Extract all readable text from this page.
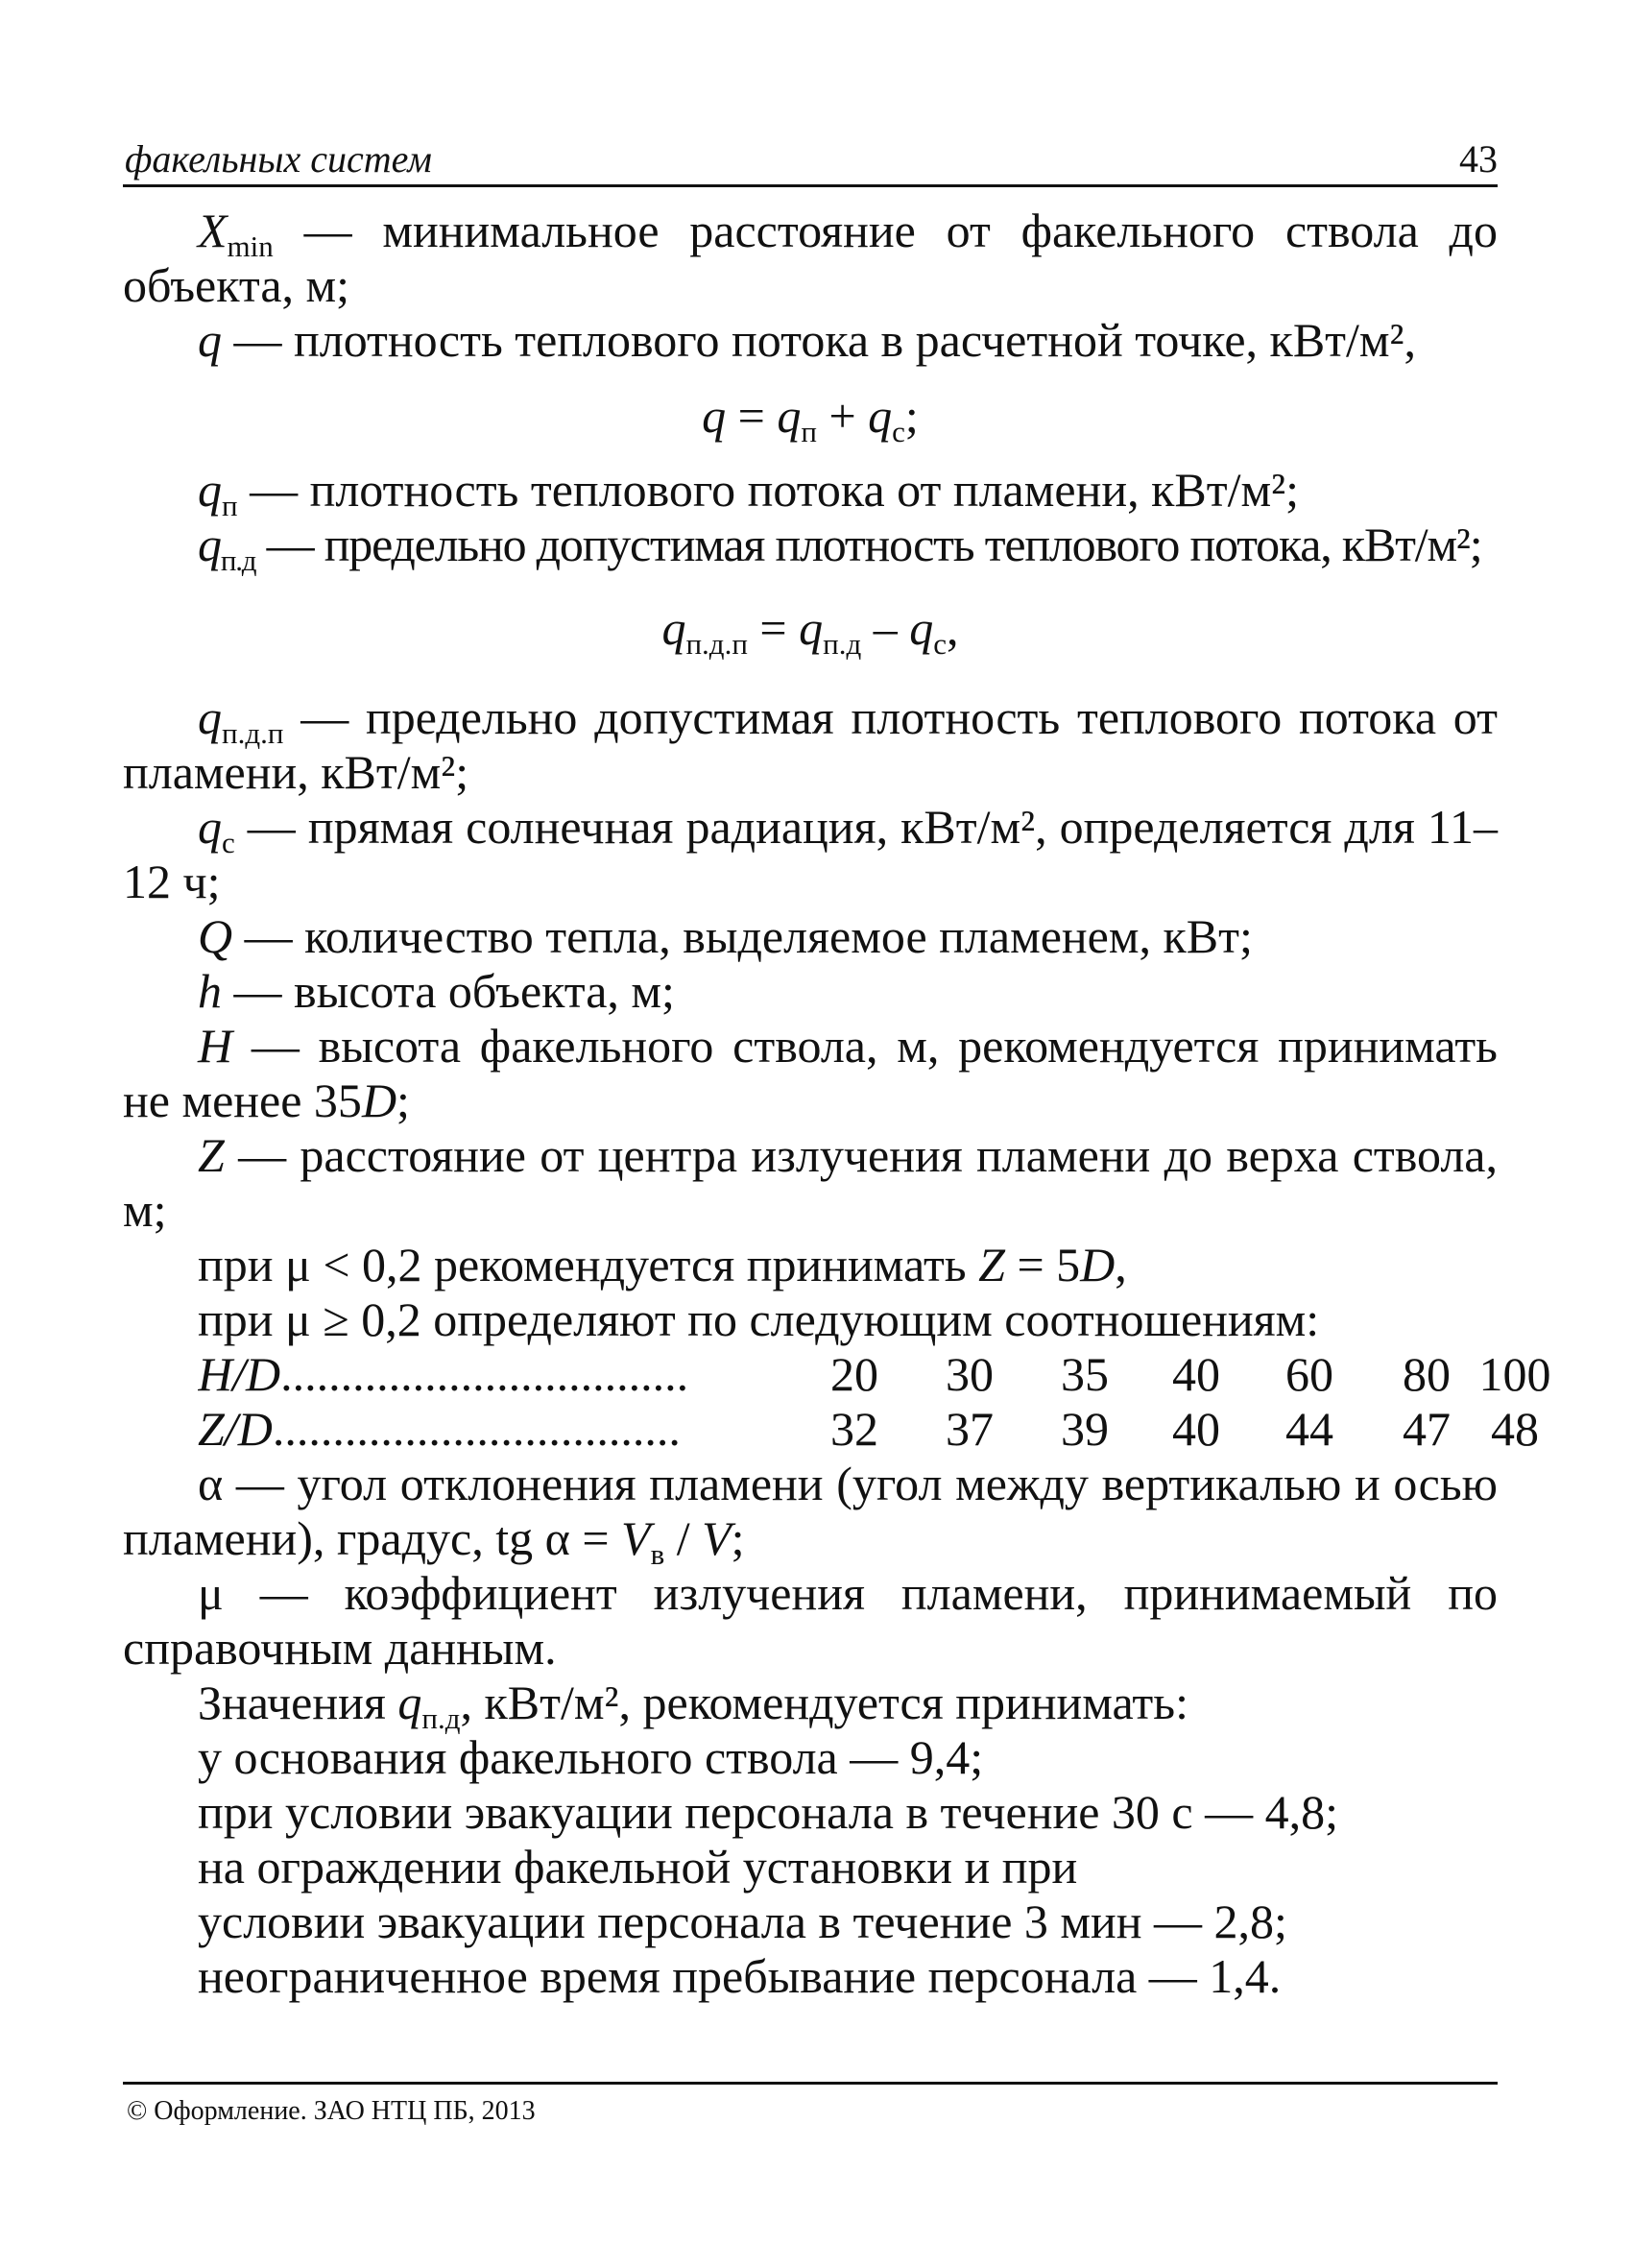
факельных систем	43

$X_{min}$ — минимальное расстояние от факельного ствола до объекта, м;

q — плотность теплового потока в расчетной точке, кВт/м²,

$q = q_п + q_с$;

$q_п$ — плотность теплового потока от пламени, кВт/м²;

$q_{п.д}$ — предельно допустимая плотность теплового потока, кВт/м²;

$q_{п.д.п} = q_{п.д} - q_с$,

$q_{п.д.п}$ — предельно допустимая плотность теплового потока от пламени, кВт/м²;

$q_с$ — прямая солнечная радиация, кВт/м², определяется для 11–12 ч;

Q — количество тепла, выделяемое пламенем, кВт;

h — высота объекта, м;

H — высота факельного ствола, м, рекомендуется принимать не менее 35D;

Z — расстояние от центра излучения пламени до верха ствола, м;

при μ < 0,2 рекомендуется принимать Z = 5D,

при μ ≥ 0,2 определяют по следующим соотношениям:

H/D..................................	20	30	35	40	60	80 100
Z/D..................................	32	37	39	40	44	47 48

α — угол отклонения пламени (угол между вертикалью и осью пламени), градус, tg $\alpha = V_в / V$;

μ — коэффициент излучения пламени, принимаемый по справочным данным.

Значения $q_{п.д}$, кВт/м², рекомендуется принимать:

у основания факельного ствола — 9,4;
при условии эвакуации персонала в течение 30 с — 4,8;
на ограждении факельной установки и при
условии эвакуации персонала в течение 3 мин — 2,8;
неограниченное время пребывание персонала — 1,4.
© Оформление. ЗАО НТЦ ПБ, 2013
